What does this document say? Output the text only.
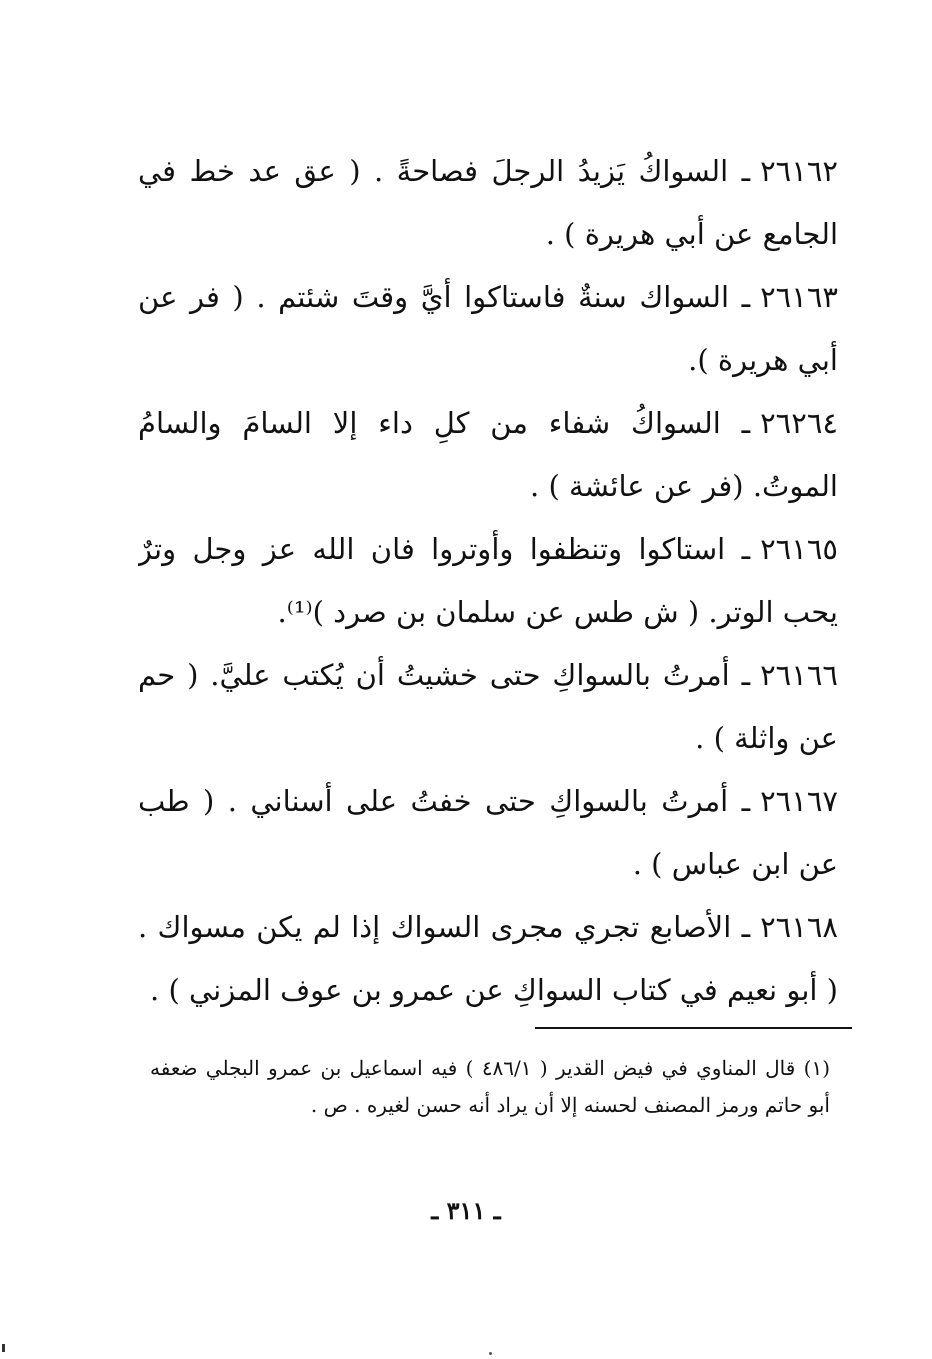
٢٦١٦٢ـ السواكُ يَزيدُ الرجلَ فصاحةً . ( عق عد خط في الجامع عن أبي هريرة ) .

٢٦١٦٣ـ السواك سنةٌ فاستاكوا أيَّ وقتَ شئتم . ( فر عن أبي هريرة ).

٢٦٢٦٤ـ السواكُ شفاء من كلِ داء إلا السامَ والسامُ الموتُ. (فر عن عائشة ) .

٢٦١٦٥ـ استاكوا وتنظفوا وأوتروا فان الله عز وجل وترٌ يحب الوتر. ( ش طس عن سلمان بن صرد )⁽¹⁾.

٢٦١٦٦ـ أمرتُ بالسواكِ حتى خشيتُ أن يُكتب عليَّ. ( حم عن واثلة ) .

٢٦١٦٧ـ أمرتُ بالسواكِ حتى خفتُ على أسناني . ( طب عن ابن عباس ) .

٢٦١٦٨ـ الأصابع تجري مجرى السواك إذا لم يكن مسواك . ( أبو نعيم في كتاب السواكِ عن عمرو بن عوف المزني ) .

(١) قال المناوي في فيض القدير ( ٤٨٦/١ ) فيه اسماعيل بن عمرو البجلي ضعفه أبو حاتم ورمز المصنف لحسنه إلا أن يراد أنه حسن لغيره . ص .
ـ ٣١١ ـ
